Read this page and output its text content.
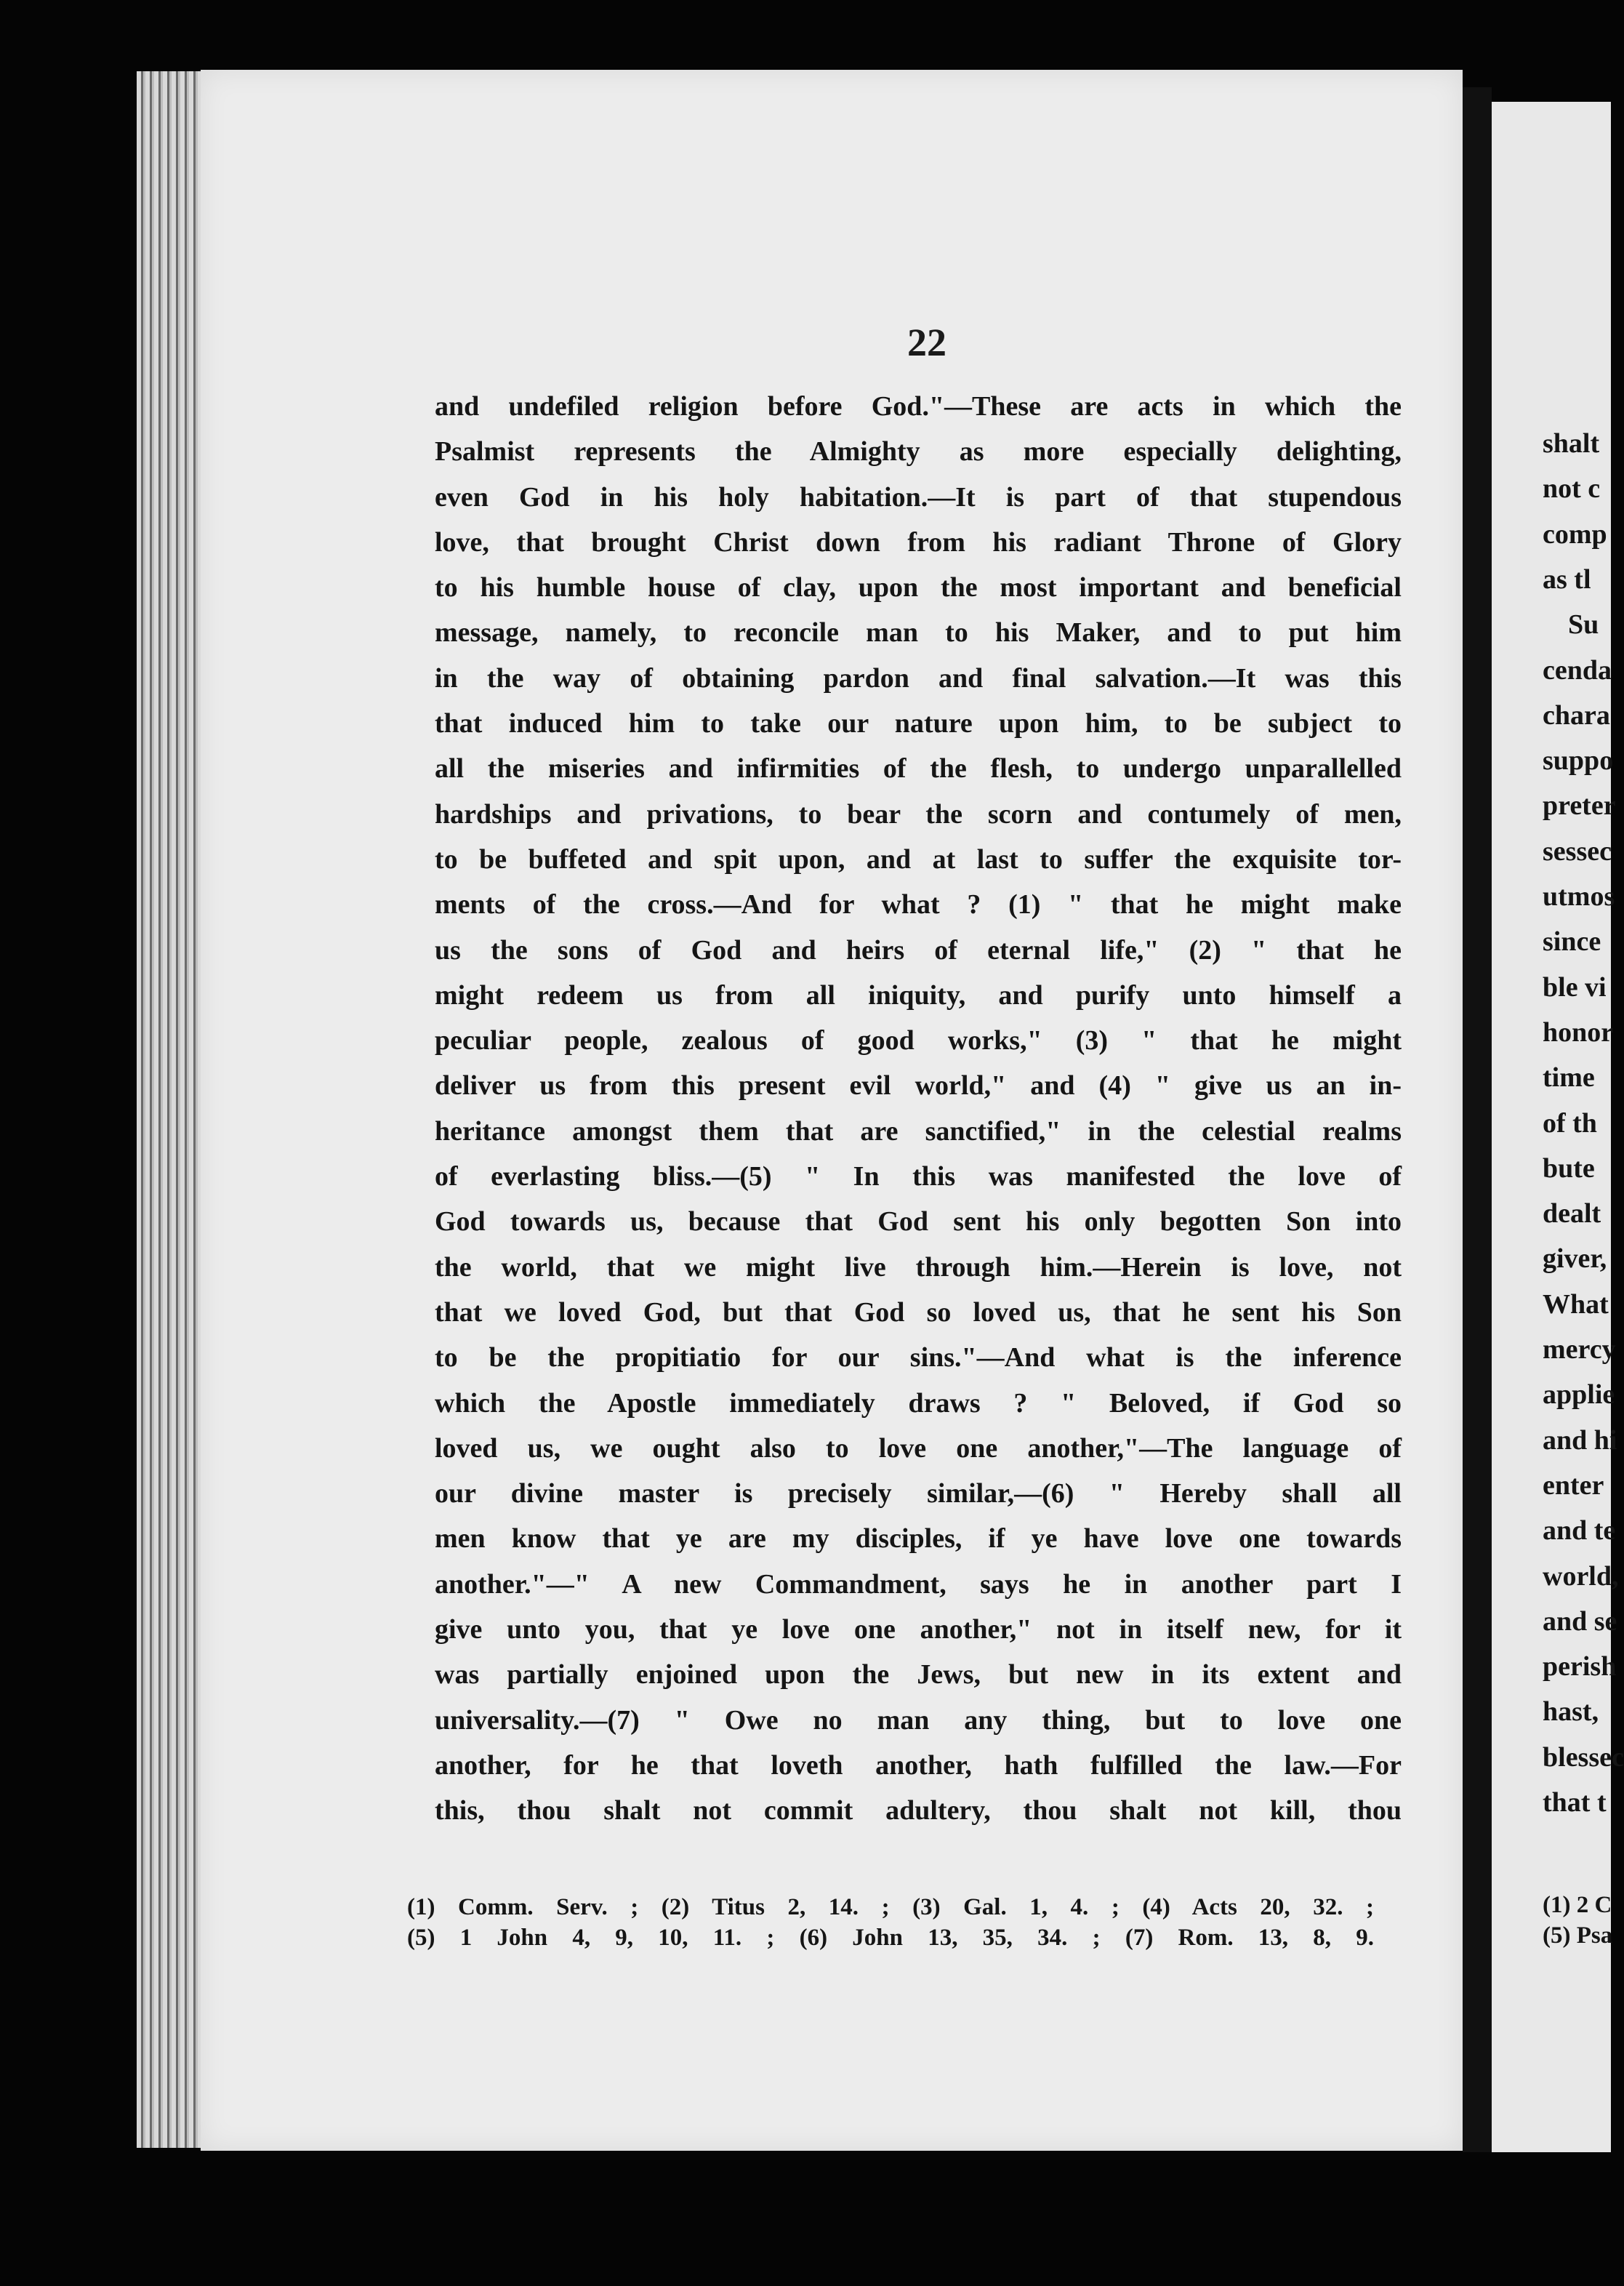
22
and undefiled religion before God."—These are acts in which the
Psalmist represents the Almighty as more especially delighting,
even God in his holy habitation.—It is part of that stupendous
love, that brought Christ down from his radiant Throne of Glory
to his humble house of clay, upon the most important and beneficial
message, namely, to reconcile man to his Maker, and to put him
in the way of obtaining pardon and final salvation.—It was this
that induced him to take our nature upon him, to be subject to
all the miseries and infirmities of the flesh, to undergo unparallelled
hardships and privations, to bear the scorn and contumely of men,
to be buffeted and spit upon, and at last to suffer the exquisite tor-
ments of the cross.—And for what ? (1) " that he might make
us the sons of God and heirs of eternal life," (2) " that he
might redeem us from all iniquity, and purify unto himself a
peculiar people, zealous of good works," (3) " that he might
deliver us from this present evil world," and (4) " give us an in-
heritance amongst them that are sanctified," in the celestial realms
of everlasting bliss.—(5) " In this was manifested the love of
God towards us, because that God sent his only begotten Son into
the world, that we might live through him.—Herein is love, not
that we loved God, but that God so loved us, that he sent his Son
to be the propitiatio for our sins."—And what is the inference
which the Apostle immediately draws ? " Beloved, if God so
loved us, we ought also to love one another,"—The language of
our divine master is precisely similar,—(6) " Hereby shall all
men know that ye are my disciples, if ye have love one towards
another."—" A new Commandment, says he in another part I
give unto you, that ye love one another," not in itself new, for it
was partially enjoined upon the Jews, but new in its extent and
universality.—(7) " Owe no man any thing, but to love one
another, for he that loveth another, hath fulfilled the law.—For
this, thou shalt not commit adultery, thou shalt not kill, thou
(1) Comm. Serv. ; (2) Titus 2, 14. ; (3) Gal. 1, 4. ; (4) Acts 20, 32. ;
(5) 1 John 4, 9, 10, 11. ; (6) John 13, 35, 34. ; (7) Rom. 13, 8, 9.
shalt
not c
comp
as tl
Su
cenda
chara
suppo
preter
sessec
utmos
since
ble vi
honor
time
of th
bute
dealt
giver,
What
mercy
applie
and hi
enter
and te
world,
and se
perish
hast,
blessec
that t
(1) 2 C
(5) Psa
